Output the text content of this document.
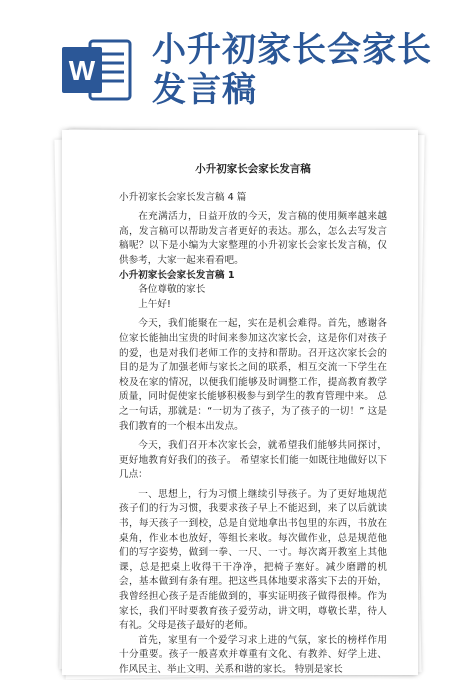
W
小升初家长会家长
发言稿

小升初家长会家长发言稿

小升初家长会家长发言稿 4 篇

在充满活力，日益开放的今天，发言稿的使用频率越来越高，发言稿可以帮助发言者更好的表达。那么，怎么去写发言稿呢？以下是小编为大家整理的小升初家长会家长发言稿，仅供参考，大家一起来看看吧。

小升初家长会家长发言稿 1

各位尊敬的家长

上午好!

今天，我们能聚在一起，实在是机会难得。首先，感谢各位家长能抽出宝贵的时间来参加这次家长会，这是你们对孩子的爱，也是对我们老师工作的支持和帮助。召开这次家长会的目的是为了加强老师与家长之间的联系，相互交流一下学生在校及在家的情况，以便我们能够及时调整工作，提高教育教学质量，同时促使家长能够积极参与到学生的教育管理中来。 总之一句话，那就是：“一切为了孩子，为了孩子的一切！” 这是我们教育的一个根本出发点。

今天，我们召开本次家长会，就希望我们能够共同探讨，更好地教育好我们的孩子。 希望家长们能一如既往地做好以下几点：

一、思想上，行为习惯上继续引导孩子。为了更好地规范孩子们的行为习惯，我要求孩子早上不能迟到，来了以后就读书，每天孩子一到校，总是自觉地拿出书包里的东西，书放在桌角，作业本也放好，等组长来收。每次做作业，总是规范他们的写字姿势，做到一拳、一尺、一寸。每次离开教室上其他课，总是把桌上收得干干净净，把椅子塞好。减少磨蹭的机会，基本做到有条有理。把这些具体地要求落实下去的开始，我曾经担心孩子是否能做到的，事实证明孩子做得很棒。作为家长，我们平时要教育孩子爱劳动，讲文明，尊敬长辈，待人有礼。父母是孩子最好的老师。

首先，家里有一个爱学习求上进的气氛，家长的榜样作用十分重要。孩子一般喜欢并尊重有文化、有教养、好学上进、作风民主、举止文明、关系和谐的家长。 特别是家长
